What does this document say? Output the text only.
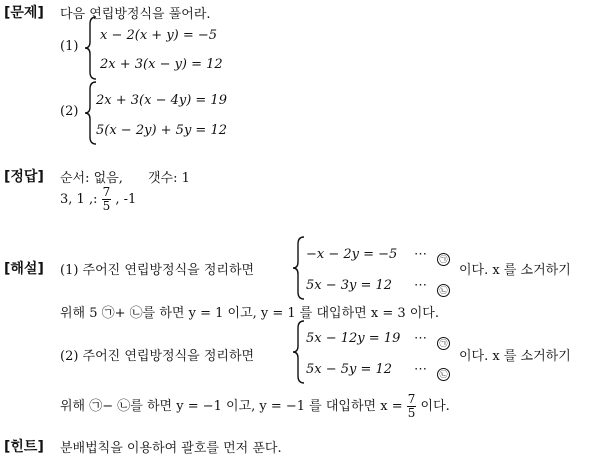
[문제] 다음 연립방정식을 풀어라.
(1)
x − 2(x + y) = −5
2x + 3(x − y) = 12
(2)
2x + 3(x − 4y) = 19
5(x − 2y) + 5y = 12
[정답] 순서: 없음, 갯수: 1
3, 1 ,: $\frac{7}{5}$ , -1
[해설] (1) 주어진 연립방정식을 정리하면
−x − 2y = −5 ⋯	㉠
5x − 3y = 12 ⋯	㉡
이다. x 를 소거하기
위해 5 ㉠+ ㉡를 하면 y = 1 이고, y = 1 를 대입하면 x = 3 이다.
(2) 주어진 연립방정식을 정리하면
5x − 12y = 19 ⋯	㉠
5x − 5y = 12 ⋯	㉡
이다. x 를 소거하기
위해 ㉠− ㉡를 하면 y = −1 이고, y = −1 를 대입하면 $x = \frac{7}{5}$ 이다.
[힌트] 분배법칙을 이용하여 괄호를 먼저 푼다.
